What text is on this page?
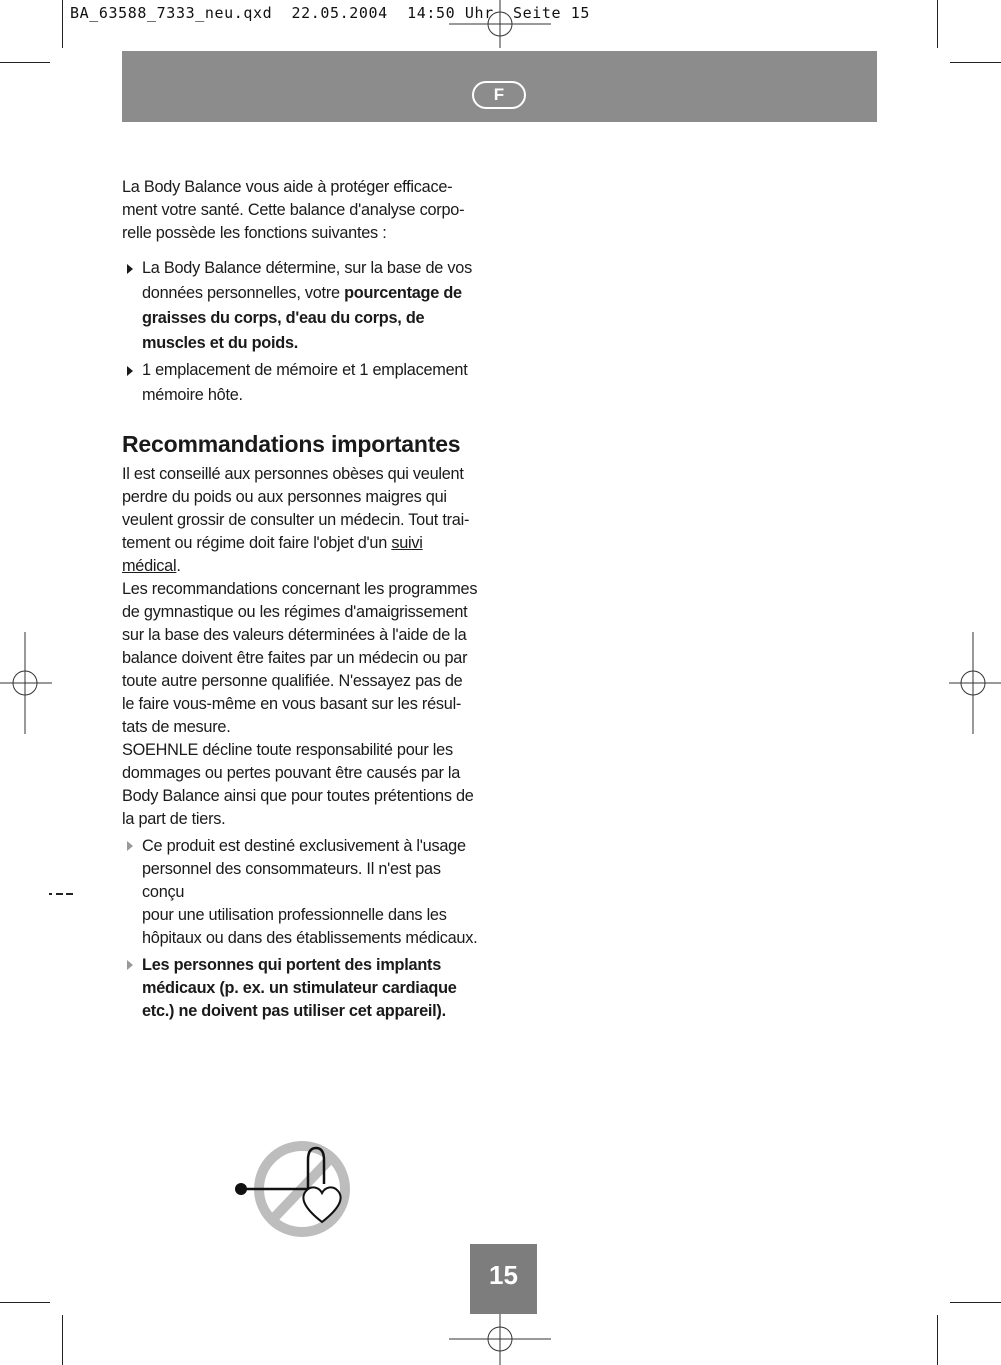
BA_63588_7333_neu.qxd  22.05.2004  14:50 Uhr  Seite 15
F

La Body Balance vous aide à protéger efficace-ment votre santé. Cette balance d'analyse corpo-relle possède les fonctions suivantes :

La Body Balance détermine, sur la base de vos
données personnelles, votre pourcentage de
graisses du corps, d'eau du corps, de
muscles et du poids.
1 emplacement de mémoire et 1 emplacement
mémoire hôte.
Recommandations importantes

Il est conseillé aux personnes obèses qui veulent
perdre du poids ou aux personnes maigres qui
veulent grossir de consulter un médecin. Tout trai-
tement ou régime doit faire l'objet d'un suivi
médical.

Les recommandations concernant les programmes
de gymnastique ou les régimes d'amaigrissement
sur la base des valeurs déterminées à l'aide de la
balance doivent être faites par un médecin ou par
toute autre personne qualifiée. N'essayez pas de
le faire vous-même en vous basant sur les résul-
tats de mesure.

SOEHNLE décline toute responsabilité pour les
dommages ou pertes pouvant être causés par la
Body Balance ainsi que pour toutes prétentions de
la part de tiers.

Ce produit est destiné exclusivement à l'usage
personnel des consommateurs. Il n'est pas conçu
pour une utilisation professionnelle dans les
hôpitaux ou dans des établissements médicaux.
Les personnes qui portent des implants
médicaux (p. ex. un stimulateur cardiaque
etc.) ne doivent pas utiliser cet appareil).
15
